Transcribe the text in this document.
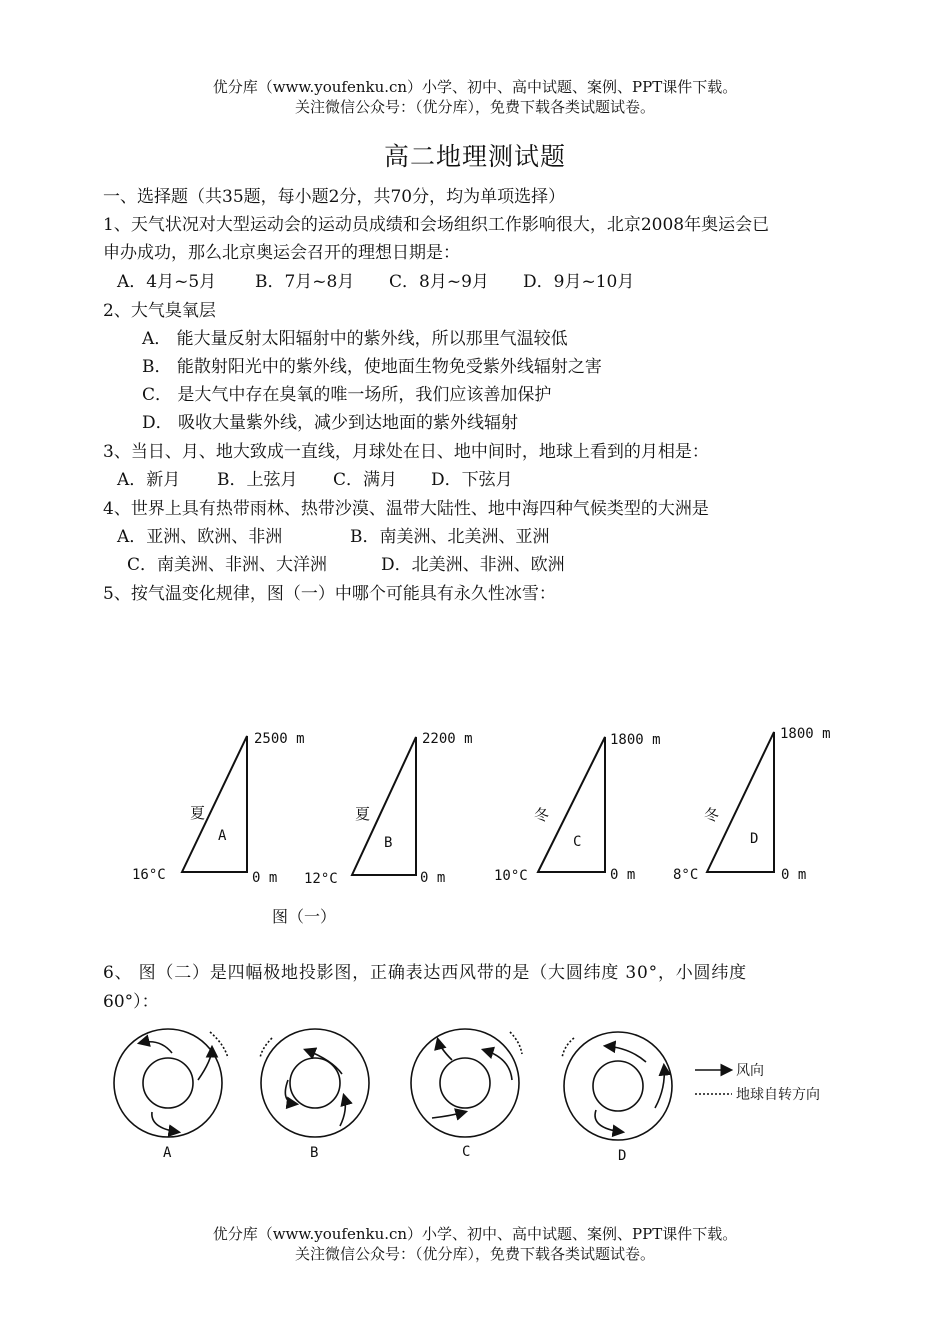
优分库（www.youfenku.cn）小学、初中、高中试题、案例、PPT课件下载。
关注微信公众号：（优分库），免费下载各类试题试卷。
高二地理测试题
一、选择题（共35题，每小题2分，共70分，均为单项选择）
1、天气状况对大型运动会的运动员成绩和会场组织工作影响很大，北京2008年奥运会已
申办成功，那么北京奥运会召开的理想日期是：
A．4月~5月 B．7月~8月 C．8月~9月 D．9月~10月
2、大气臭氧层
A． 能大量反射太阳辐射中的紫外线，所以那里气温较低
B． 能散射阳光中的紫外线，使地面生物免受紫外线辐射之害
C． 是大气中存在臭氧的唯一场所，我们应该善加保护
D． 吸收大量紫外线，减少到达地面的紫外线辐射
3、当日、月、地大致成一直线，月球处在日、地中间时，地球上看到的月相是：
A．新月 B．上弦月 C．满月 D．下弦月
4、世界上具有热带雨林、热带沙漠、温带大陆性、地中海四种气候类型的大洲是
A．亚洲、欧洲、非洲	B．南美洲、北美洲、亚洲
C．南美洲、非洲、大洋洲	D．北美洲、非洲、欧洲
5、按气温变化规律，图（一）中哪个可能具有永久性冰雪：
2500 m
0 m
16°C
夏
A
2200 m
0 m
12°C
夏
B
1800 m
0 m
10°C
冬
C
1800 m
0 m
8°C
冬
D
图（一）
6、 图（二）是四幅极地投影图，正确表达西风带的是（大圆纬度 30°，小圆纬度
60°）：
A	B	C	D
风向
地球自转方向
优分库（www.youfenku.cn）小学、初中、高中试题、案例、PPT课件下载。
关注微信公众号：（优分库），免费下载各类试题试卷。
